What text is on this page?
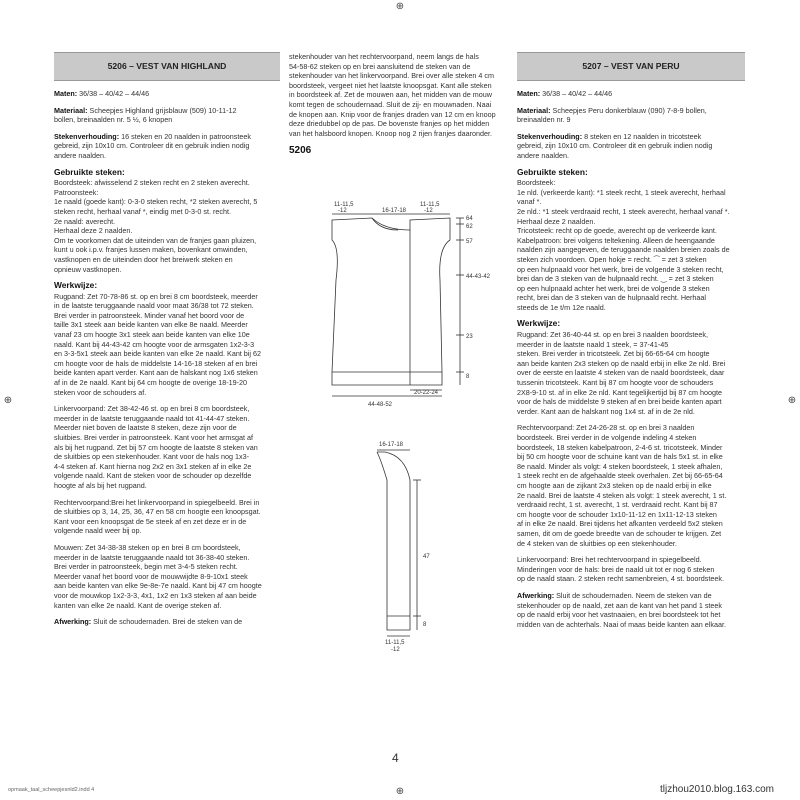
⊕
⊕	⊕
⊕
5206 – VEST VAN HIGHLAND

Maten: 36/38 – 40/42 – 44/46

Materiaal: Scheepjes Highland grijsblauw (509) 10-11-12
bollen, breinaalden nr. 5 ½, 6 knopen

Stekenverhouding: 16 steken en 20 naalden in patroonsteek
gebreid, zijn 10x10 cm. Controleer dit en gebruik indien nodig
andere naalden.

Gebruikte steken:

Boordsteek: afwisselend 2 steken recht en 2 steken averecht.
Patroonsteek:
1e naald (goede kant): 0-3-0 steken recht, *2 steken averecht, 5
steken recht, herhaal vanaf *, eindig met 0-3-0 st. recht.
2e naald: averecht.
Herhaal deze 2 naalden.
Om te voorkomen dat de uiteinden van de franjes gaan pluizen,
kunt u ook i.p.v. franjes lussen maken, bovenkant omwinden,
vastknopen en de uiteinden door het breiwerk steken en
opnieuw vastknopen.

Werkwijze:

Rugpand: Zet 70-78-86 st. op en brei 8 cm boordsteek, meerder
in de laatste teruggaande naald voor maat 36/38 tot 72 steken.
Brei verder in patroonsteek. Minder vanaf het boord voor de
taille 3x1 steek aan beide kanten van elke 8e naald. Meerder
vanaf 23 cm hoogte 3x1 steek aan beide kanten van elke 10e
naald. Kant bij 44-43-42 cm hoogte voor de armsgaten 1x2-3-3
en 3-3-5x1 steek aan beide kanten van elke 2e naald. Kant bij 62
cm hoogte voor de hals de middelste 14-16-18 steken af en brei
beide kanten apart verder. Kant aan de halskant nog 1x6 steken
af in de 2e naald. Kant bij 64 cm hoogte de overige 18-19-20
steken voor de schouders af.

Linkervoorpand: Zet 38-42-46 st. op en brei 8 cm boordsteek,
meerder in de laatste teruggaande naald tot 41-44-47 steken.
Meerder niet boven de laatste 8 steken, deze zijn voor de
sluitbies. Brei verder in patroonsteek. Kant voor het armsgat af
als bij het rugpand. Zet bij 57 cm hoogte de laatste 8 steken van
de sluitbies op een stekenhouder. Kant voor de hals nog 1x3-
4-4 steken af. Kant hierna nog 2x2 en 3x1 steken af in elke 2e
volgende naald. Kant de steken voor de schouder op dezelfde
hoogte af als bij het rugpand.

Rechtervoorpand:Brei het linkervoorpand in spiegelbeeld. Brei in
de sluitbies op 3, 14, 25, 36, 47 en 58 cm hoogte een knoopsgat.
Kant voor een knoopsgat de 5e steek af en zet deze er in de
volgende naald weer bij op.

Mouwen: Zet 34-38-38 steken op en brei 8 cm boordsteek,
meerder in de laatste teruggaande naald tot 36-38-40 steken.
Brei verder in patroonsteek, begin met 3-4-5 steken recht.
Meerder vanaf het boord voor de mouwwijdte 8-9-10x1 steek
aan beide kanten van elke 9e-8e-7e naald. Kant bij 47 cm hoogte
voor de mouwkop 1x2-3-3, 4x1, 1x2 en 1x3 steken af aan beide
kanten van elke 2e naald. Kant de overige steken af.

Afwerking: Sluit de schoudernaden. Brei de steken van de

stekenhouder van het rechtervoorpand, neem langs de hals
54-58-62 steken op en brei aansluitend de steken van de
stekenhouder van het linkervoorpand. Brei over alle steken 4 cm
boordsteek, vergeet niet het laatste knoopsgat. Kant alle steken
in boordsteek af. Zet de mouwen aan, het midden van de mouw
komt tegen de schoudernaad. Sluit de zij- en mouwnaden. Naai
de knopen aan. Knip voor de franjes draden van 12 cm en knoop
deze driedubbel op de pas. De bovenste franjes op het midden
van het halsboord knopen. Knoop nog 2 rijen franjes daaronder.

5206
11-11,5
-12	16-17-18
11-11,5
-12
64
62
57
44-43-42
23
8
20-22-24
44-48-52
16-17-18
47
8
11-11,5
-12
5207 – VEST VAN PERU

Maten: 36/38 – 40/42 – 44/46

Materiaal: Scheepjes Peru donkerblauw (090) 7-8-9 bollen,
breinaalden nr. 9

Stekenverhouding: 8 steken en 12 naalden in tricotsteek
gebreid, zijn 10x10 cm. Controleer dit en gebruik indien nodig
andere naalden.

Gebruikte steken:

Boordsteek:
1e nld. (verkeerde kant): *1 steek recht, 1 steek averecht, herhaal
vanaf *.
2e nld.: *1 steek verdraaid recht, 1 steek averecht, herhaal vanaf *.
Herhaal deze 2 naalden.
Tricotsteek: recht op de goede, averecht op de verkeerde kant.
Kabelpatroon: brei volgens teltekening. Alleen de heengaande
naalden zijn aangegeven, de teruggaande naalden breien zoals de
steken zich voordoen. Open hokje = recht. ⁀ = zet 3 steken
op een hulpnaald voor het werk, brei de volgende 3 steken recht,
brei dan de 3 steken van de hulpnaald recht. ‿ = zet 3 steken
op een hulpnaald achter het werk, brei de volgende 3 steken
recht, brei dan de 3 steken van de hulpnaald recht. Herhaal
steeds de 1e t/m 12e naald.

Werkwijze:

Rugpand: Zet 36-40-44 st. op en brei 3 naalden boordsteek,
meerder in de laatste naald 1 steek, = 37-41-45
steken. Brei verder in tricotsteek. Zet bij 66-65-64 cm hoogte
aan beide kanten 2x3 steken op de naald erbij in elke 2e nld. Brei
over de eerste en laatste 4 steken van de naald boordsteek, daar
tussenin tricotsteek. Kant bij 87 cm hoogte voor de schouders
2X8-9-10 st. af in elke 2e nld. Kant tegelijkertijd bij 87 cm hoogte
voor de hals de middelste 9 steken af en brei beide kanten apart
verder. Kant aan de halskant nog 1x4 st. af in de 2e nld.

Rechtervoorpand: Zet 24-26-28 st. op en brei 3 naalden
boordsteek. Brei verder in de volgende indeling 4 steken
boordsteek, 18 steken kabelpatroon, 2-4-6 st. tricotsteek. Minder
bij 50 cm hoogte voor de schuine kant van de hals 5x1 st. in elke
8e naald. Minder als volgt: 4 steken boordsteek, 1 steek afhalen,
1 steek recht en de afgehaalde steek overhalen. Zet bij 66-65-64
cm hoogte aan de zijkant 2x3 steken op de naald erbij in elke
2e naald. Brei de laatste 4 steken als volgt: 1 steek averecht, 1 st.
verdraaid recht, 1 st. averecht, 1 st. verdraaid recht. Kant bij 87
cm hoogte voor de schouder 1x10-11-12 en 1x11-12-13 steken
af in elke 2e naald. Brei tijdens het afkanten verdeeld 5x2 steken
samen, dit om de goede breedte van de schouder te krijgen. Zet
de 4 steken van de sluitbies op een stekenhouder.

Linkervoorpand: Brei het rechtervoorpand in spiegelbeeld.
Minderingen voor de hals: brei de naald uit tot er nog 6 steken
op de naald staan. 2 steken recht samenbreien, 4 st. boordsteek.

Afwerking: Sluit de schoudernaden. Neem de steken van de
stekenhouder op de naald, zet aan de kant van het pand 1 steek
op de naald erbij voor het vastnaaien, en brei boordsteek tot het
midden van de achterhals. Naai of maas beide kanten aan elkaar.

4
opmaak_taal_scheepjesnld2.indd 4	tljzhou2010.blog.163.com
